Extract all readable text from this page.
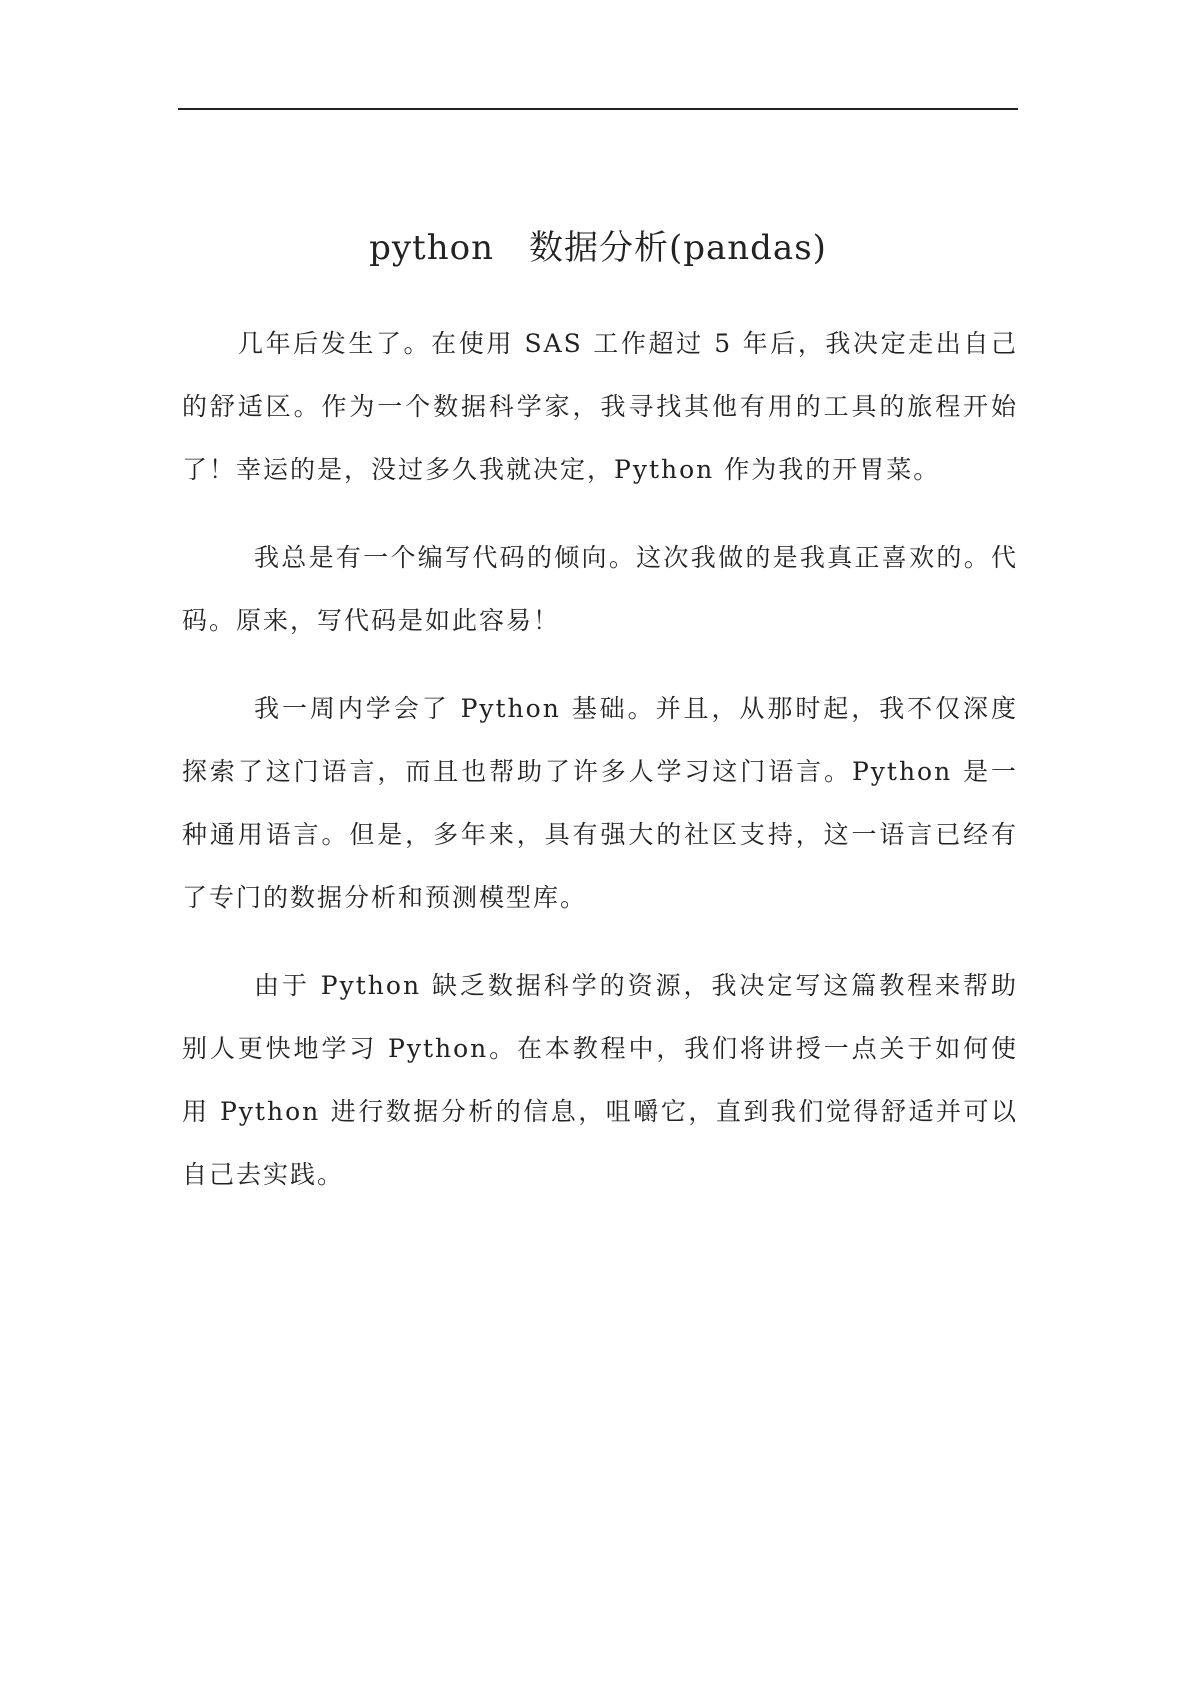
python　数据分析(pandas)

几年后发生了。在使用 SAS 工作超过 5 年后，我决定走出自己的舒适区。作为一个数据科学家，我寻找其他有用的工具的旅程开始了！幸运的是，没过多久我就决定，Python 作为我的开胃菜。

我总是有一个编写代码的倾向。这次我做的是我真正喜欢的。代码。原来，写代码是如此容易！

我一周内学会了 Python 基础。并且，从那时起，我不仅深度探索了这门语言，而且也帮助了许多人学习这门语言。Python 是一种通用语言。但是，多年来，具有强大的社区支持，这一语言已经有了专门的数据分析和预测模型库。

由于 Python 缺乏数据科学的资源，我决定写这篇教程来帮助别人更快地学习 Python。在本教程中，我们将讲授一点关于如何使用 Python 进行数据分析的信息，咀嚼它，直到我们觉得舒适并可以自己去实践。
